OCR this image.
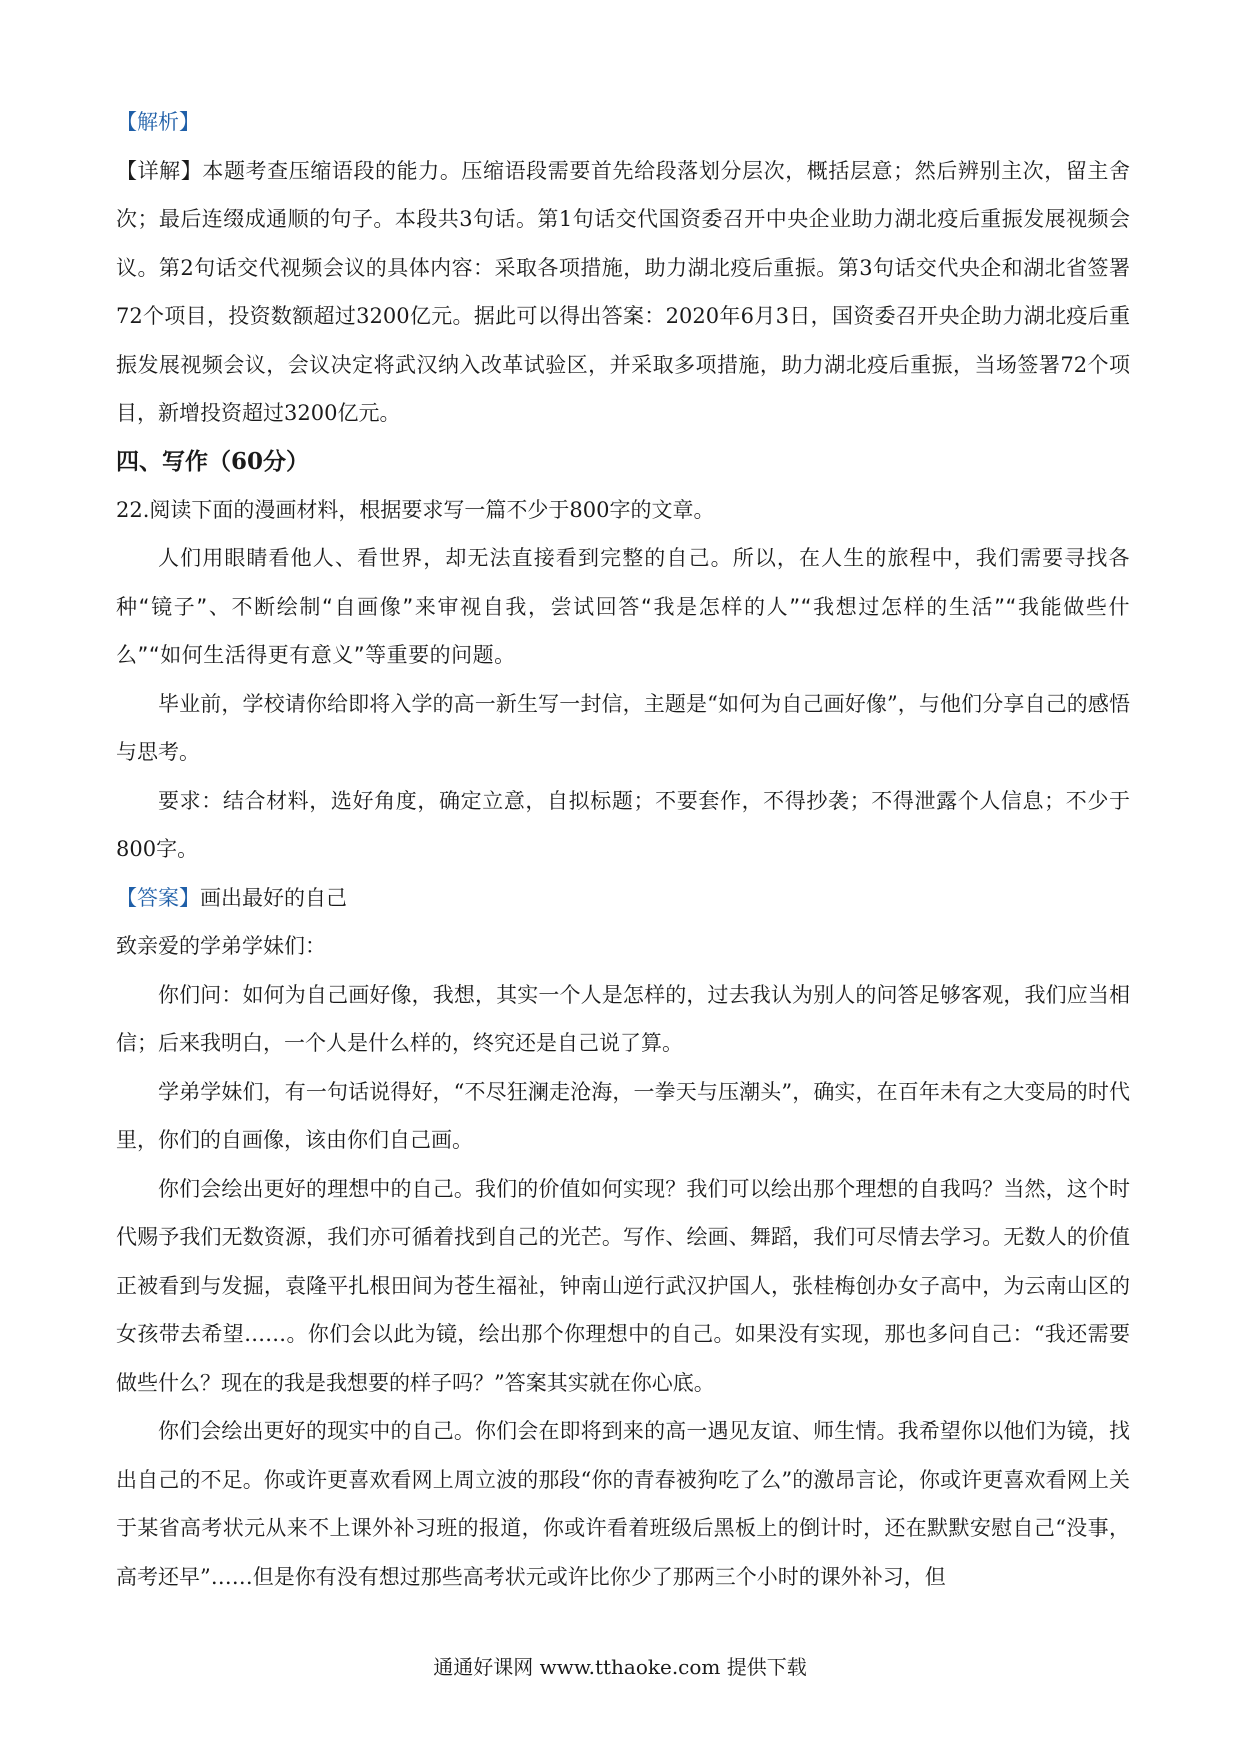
【解析】

【详解】本题考查压缩语段的能力。压缩语段需要首先给段落划分层次，概括层意；然后辨别主次，留主舍次；最后连缀成通顺的句子。本段共3句话。第1句话交代国资委召开中央企业助力湖北疫后重振发展视频会议。第2句话交代视频会议的具体内容：采取各项措施，助力湖北疫后重振。第3句话交代央企和湖北省签署72个项目，投资数额超过3200亿元。据此可以得出答案：2020年6月3日，国资委召开央企助力湖北疫后重振发展视频会议，会议决定将武汉纳入改革试验区，并采取多项措施，助力湖北疫后重振，当场签署72个项目，新增投资超过3200亿元。

四、写作（60分）

22.阅读下面的漫画材料，根据要求写一篇不少于800字的文章。

人们用眼睛看他人、看世界，却无法直接看到完整的自己。所以，在人生的旅程中，我们需要寻找各种“镜子”、不断绘制“自画像”来审视自我，尝试回答“我是怎样的人”“我想过怎样的生活”“我能做些什么”“如何生活得更有意义”等重要的问题。

毕业前，学校请你给即将入学的高一新生写一封信，主题是“如何为自己画好像”，与他们分享自己的感悟与思考。

要求：结合材料，选好角度，确定立意，自拟标题；不要套作，不得抄袭；不得泄露个人信息；不少于800字。

【答案】画出最好的自己

致亲爱的学弟学妹们：

你们问：如何为自己画好像，我想，其实一个人是怎样的，过去我认为别人的问答足够客观，我们应当相信；后来我明白，一个人是什么样的，终究还是自己说了算。

学弟学妹们，有一句话说得好，“不尽狂澜走沧海，一拳天与压潮头”，确实，在百年未有之大变局的时代里，你们的自画像，该由你们自己画。

你们会绘出更好的理想中的自己。我们的价值如何实现？我们可以绘出那个理想的自我吗？当然，这个时代赐予我们无数资源，我们亦可循着找到自己的光芒。写作、绘画、舞蹈，我们可尽情去学习。无数人的价值正被看到与发掘，袁隆平扎根田间为苍生福祉，钟南山逆行武汉护国人，张桂梅创办女子高中，为云南山区的女孩带去希望……。你们会以此为镜，绘出那个你理想中的自己。如果没有实现，那也多问自己：“我还需要做些什么？现在的我是我想要的样子吗？”答案其实就在你心底。

你们会绘出更好的现实中的自己。你们会在即将到来的高一遇见友谊、师生情。我希望你以他们为镜，找出自己的不足。你或许更喜欢看网上周立波的那段“你的青春被狗吃了么”的激昂言论，你或许更喜欢看网上关于某省高考状元从来不上课外补习班的报道，你或许看着班级后黑板上的倒计时，还在默默安慰自己“没事，高考还早”……但是你有没有想过那些高考状元或许比你少了那两三个小时的课外补习，但

通通好课网 www.tthaoke.com 提供下载
